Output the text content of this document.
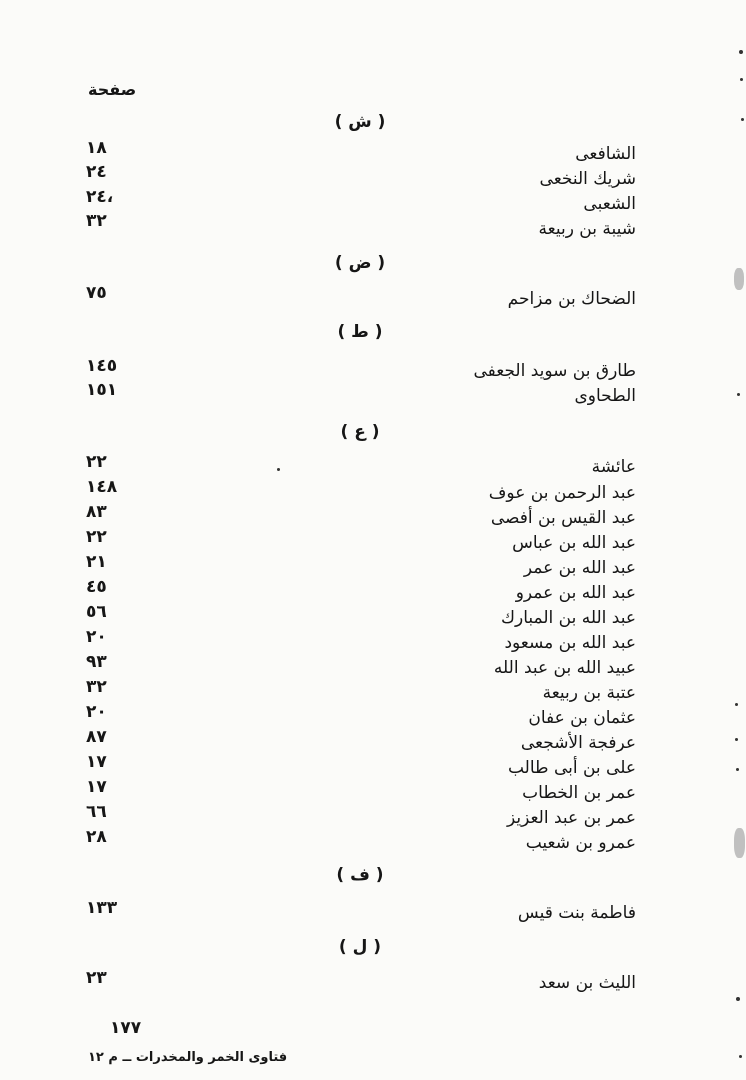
صفحة
( ش )
الشافعى
١٨
شريك النخعى
٢٤
الشعبى
،٢٤
شيبة بن ربيعة
٣٢
( ض )
الضحاك بن مزاحم
٧٥
( ط )
طارق بن سويد الجعفى
١٤٥
الطحاوى
١٥١
( ع )
عائشة
٢٢
عبد الرحمن بن عوف
١٤٨
عبد القيس بن أفصى
٨٣
عبد الله بن عباس
٢٢
عبد الله بن عمر
٢١
عبد الله بن عمرو
٤٥
عبد الله بن المبارك
٥٦
عبد الله بن مسعود
٢٠
عبيد الله بن عبد الله
٩٣
عتبة بن ربيعة
٣٢
عثمان بن عفان
٢٠
عرفجة الأشجعى
٨٧
على بن أبى طالب
١٧
عمر بن الخطاب
١٧
عمر بن عبد العزيز
٦٦
عمرو بن شعيب
٢٨
( ف )
فاطمة بنت قيس
١٣٣
( ل )
الليث بن سعد
٢٣
١٧٧
فتاوى الخمر والمخدرات ــ م ١٢
